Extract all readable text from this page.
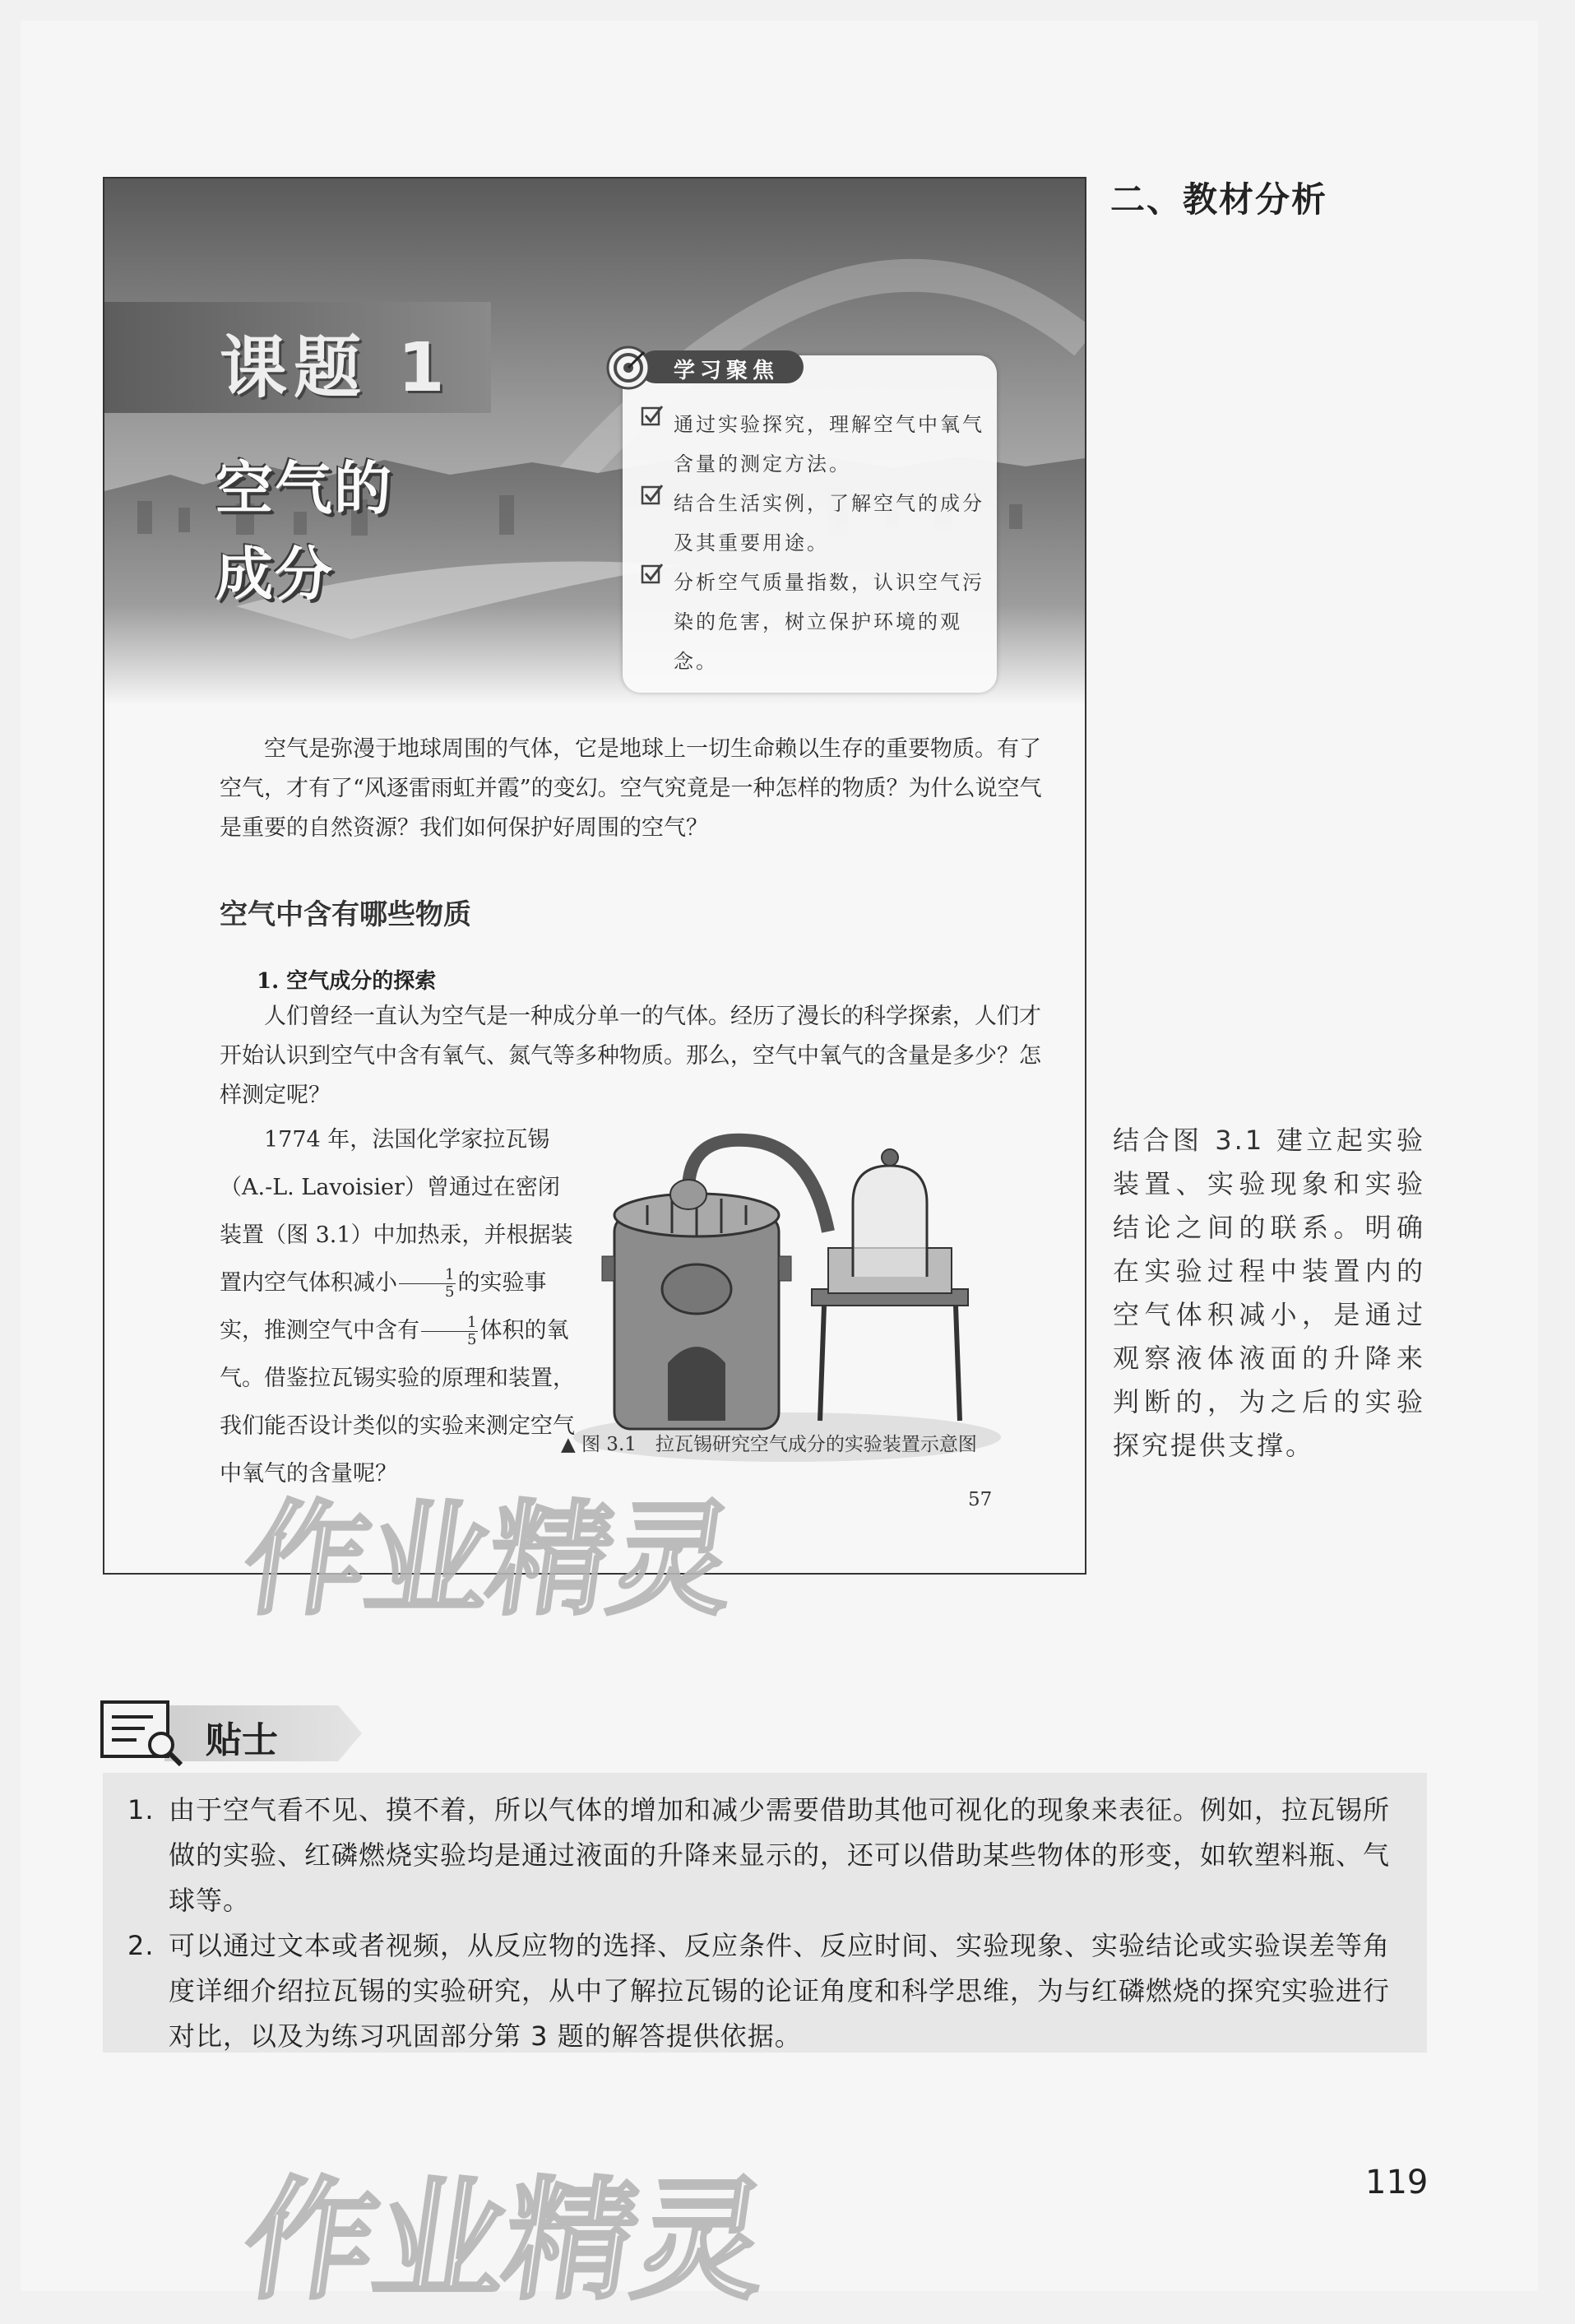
二、教材分析
课题 1
空气的
成分
学习聚焦
通过实验探究，理解空气中氧气含量的测定方法。
结合生活实例，了解空气的成分及其重要用途。
分析空气质量指数，认识空气污染的危害，树立保护环境的观念。
空气是弥漫于地球周围的气体，它是地球上一切生命赖以生存的重要物质。有了空气，才有了“风逐雷雨虹并霞”的变幻。空气究竟是一种怎样的物质？为什么说空气是重要的自然资源？我们如何保护好周围的空气？
空气中含有哪些物质
1. 空气成分的探索
人们曾经一直认为空气是一种成分单一的气体。经历了漫长的科学探索，人们才开始认识到空气中含有氧气、氮气等多种物质。那么，空气中氧气的含量是多少？怎样测定呢？
1774 年，法国化学家拉瓦锡（A.-L. Lavoisier）曾通过在密闭装置（图 3.1）中加热汞，并根据装置内空气体积减小 $\frac{1}{5}$ 的实验事实，推测空气中含有 $\frac{1}{5}$ 体积的氧气。借鉴拉瓦锡实验的原理和装置，我们能否设计类似的实验来测定空气中氧气的含量呢？
▲ 图 3.1　拉瓦锡研究空气成分的实验装置示意图
57
结合图 3.1 建立起实验装置、实验现象和实验结论之间的联系。明确在实验过程中装置内的空气体积减小，是通过观察液体液面的升降来判断的，为之后的实验探究提供支撑。
贴士
1. 由于空气看不见、摸不着，所以气体的增加和减少需要借助其他可视化的现象来表征。例如，拉瓦锡所做的实验、红磷燃烧实验均是通过液面的升降来显示的，还可以借助某些物体的形变，如软塑料瓶、气球等。
2. 可以通过文本或者视频，从反应物的选择、反应条件、反应时间、实验现象、实验结论或实验误差等角度详细介绍拉瓦锡的实验研究，从中了解拉瓦锡的论证角度和科学思维，为与红磷燃烧的探究实验进行对比，以及为练习巩固部分第 3 题的解答提供依据。
119
作业精灵
作业精灵
